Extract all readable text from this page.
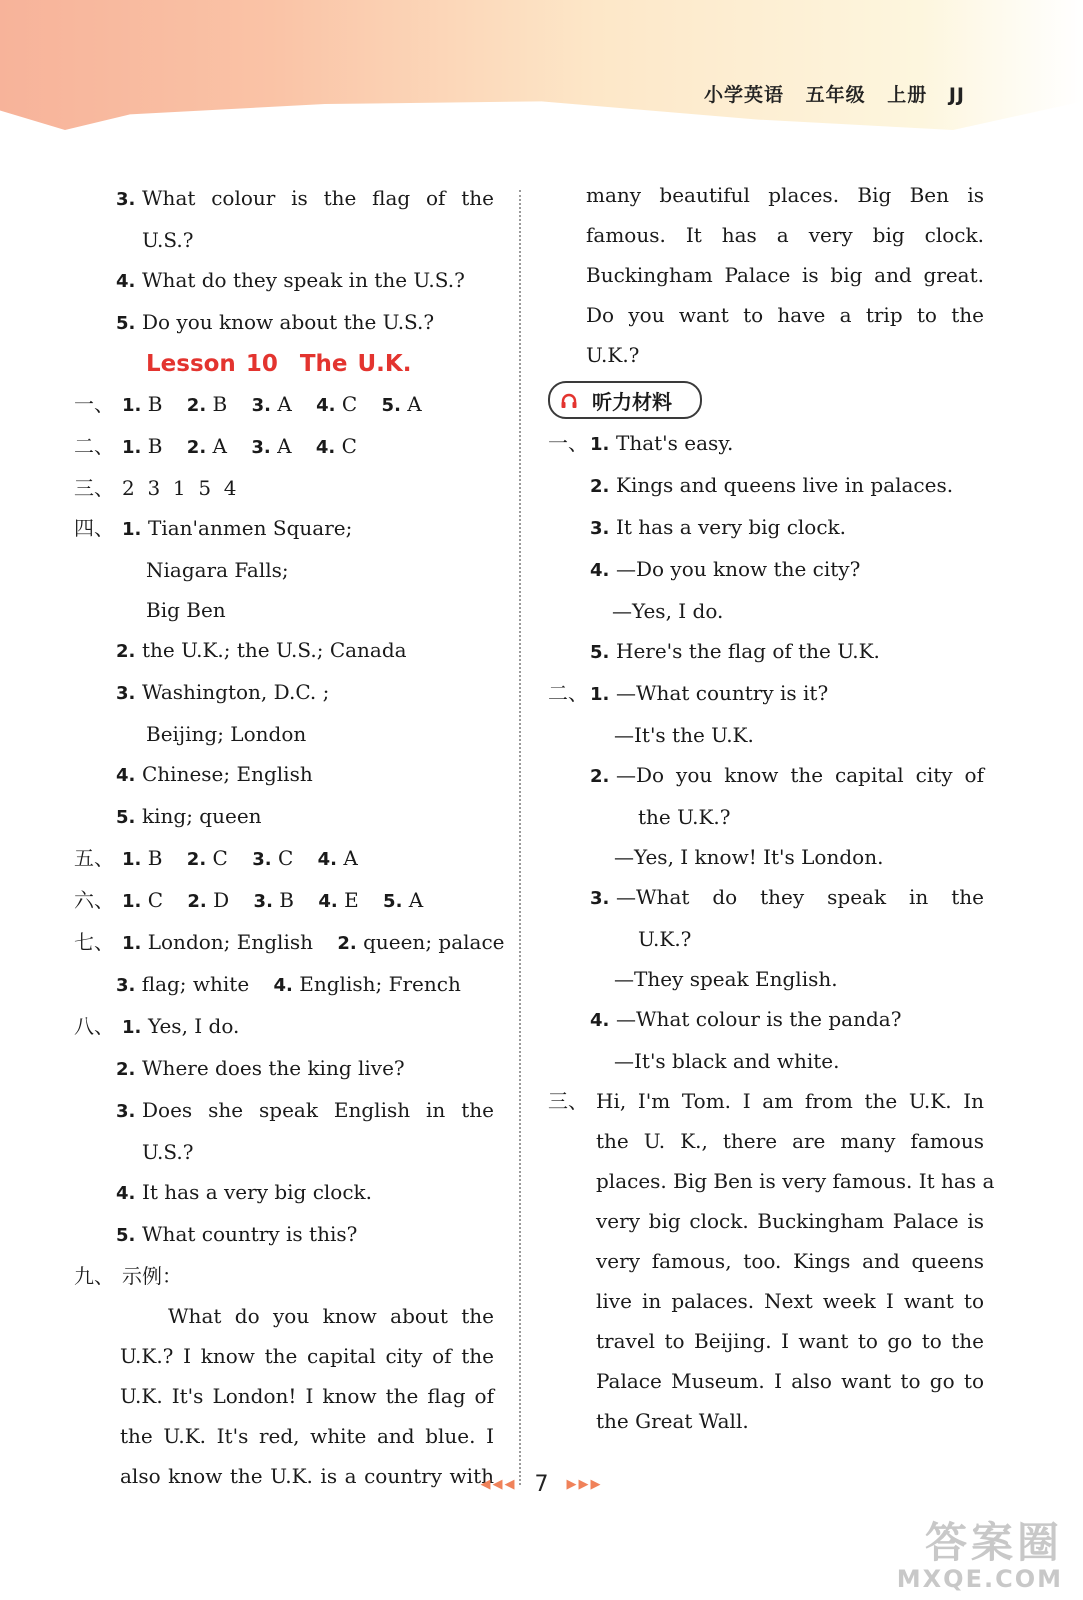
小学英语 五年级 上册 JJ
3. What colour is the flag of the
U.S.?
4. What do they speak in the U.S.?
5. Do you know about the U.S.?
Lesson 10 The U.K.
一、 1. B 2. B 3. A 4. C 5. A
二、 1. B 2. A 3. A 4. C
三、 2  3  1  5  4
四、 1. Tian'anmen Square;
Niagara Falls;
Big Ben
2. the U.K.; the U.S.; Canada
3. Washington, D.C. ;
Beijing; London
4. Chinese; English
5. king; queen
五、 1. B 2. C 3. C 4. A
六、 1. C 2. D 3. B 4. E 5. A
七、 1. London; English 2. queen; palace
3. flag; white 4. English; French
八、 1. Yes, I do.
2. Where does the king live?
3. Does she speak English in the
U.S.?
4. It has a very big clock.
5. What country is this?
九、 示例：
What do you know about the
U.K.? I know the capital city of the
U.K. It's London! I know the flag of
the U.K. It's red, white and blue. I
also know the U.K. is a country with
many beautiful places. Big Ben is
famous. It has a very big clock.
Buckingham Palace is big and great.
Do you want to have a trip to the
U.K.?
听力材料
一、 1. That's easy.
2. Kings and queens live in palaces.
3. It has a very big clock.
4. —Do you know the city?
—Yes, I do.
5. Here's the flag of the U.K.
二、 1. —What country is it?
—It's the U.K.
2. —Do you know the capital city of
the U.K.?
—Yes, I know! It's London.
3. —What do they speak in the
U.K.?
—They speak English.
4. —What colour is the panda?
—It's black and white.
三、 Hi, I'm Tom. I am from the U.K. In
the U. K., there are many famous
places. Big Ben is very famous. It has a
very big clock. Buckingham Palace is
very famous, too. Kings and queens
live in palaces. Next week I want to
travel to Beijing. I want to go to the
Palace Museum. I also want to go to
the Great Wall.
◀◀◀ 7 ▶▶▶
答案圈
MXQE.COM
